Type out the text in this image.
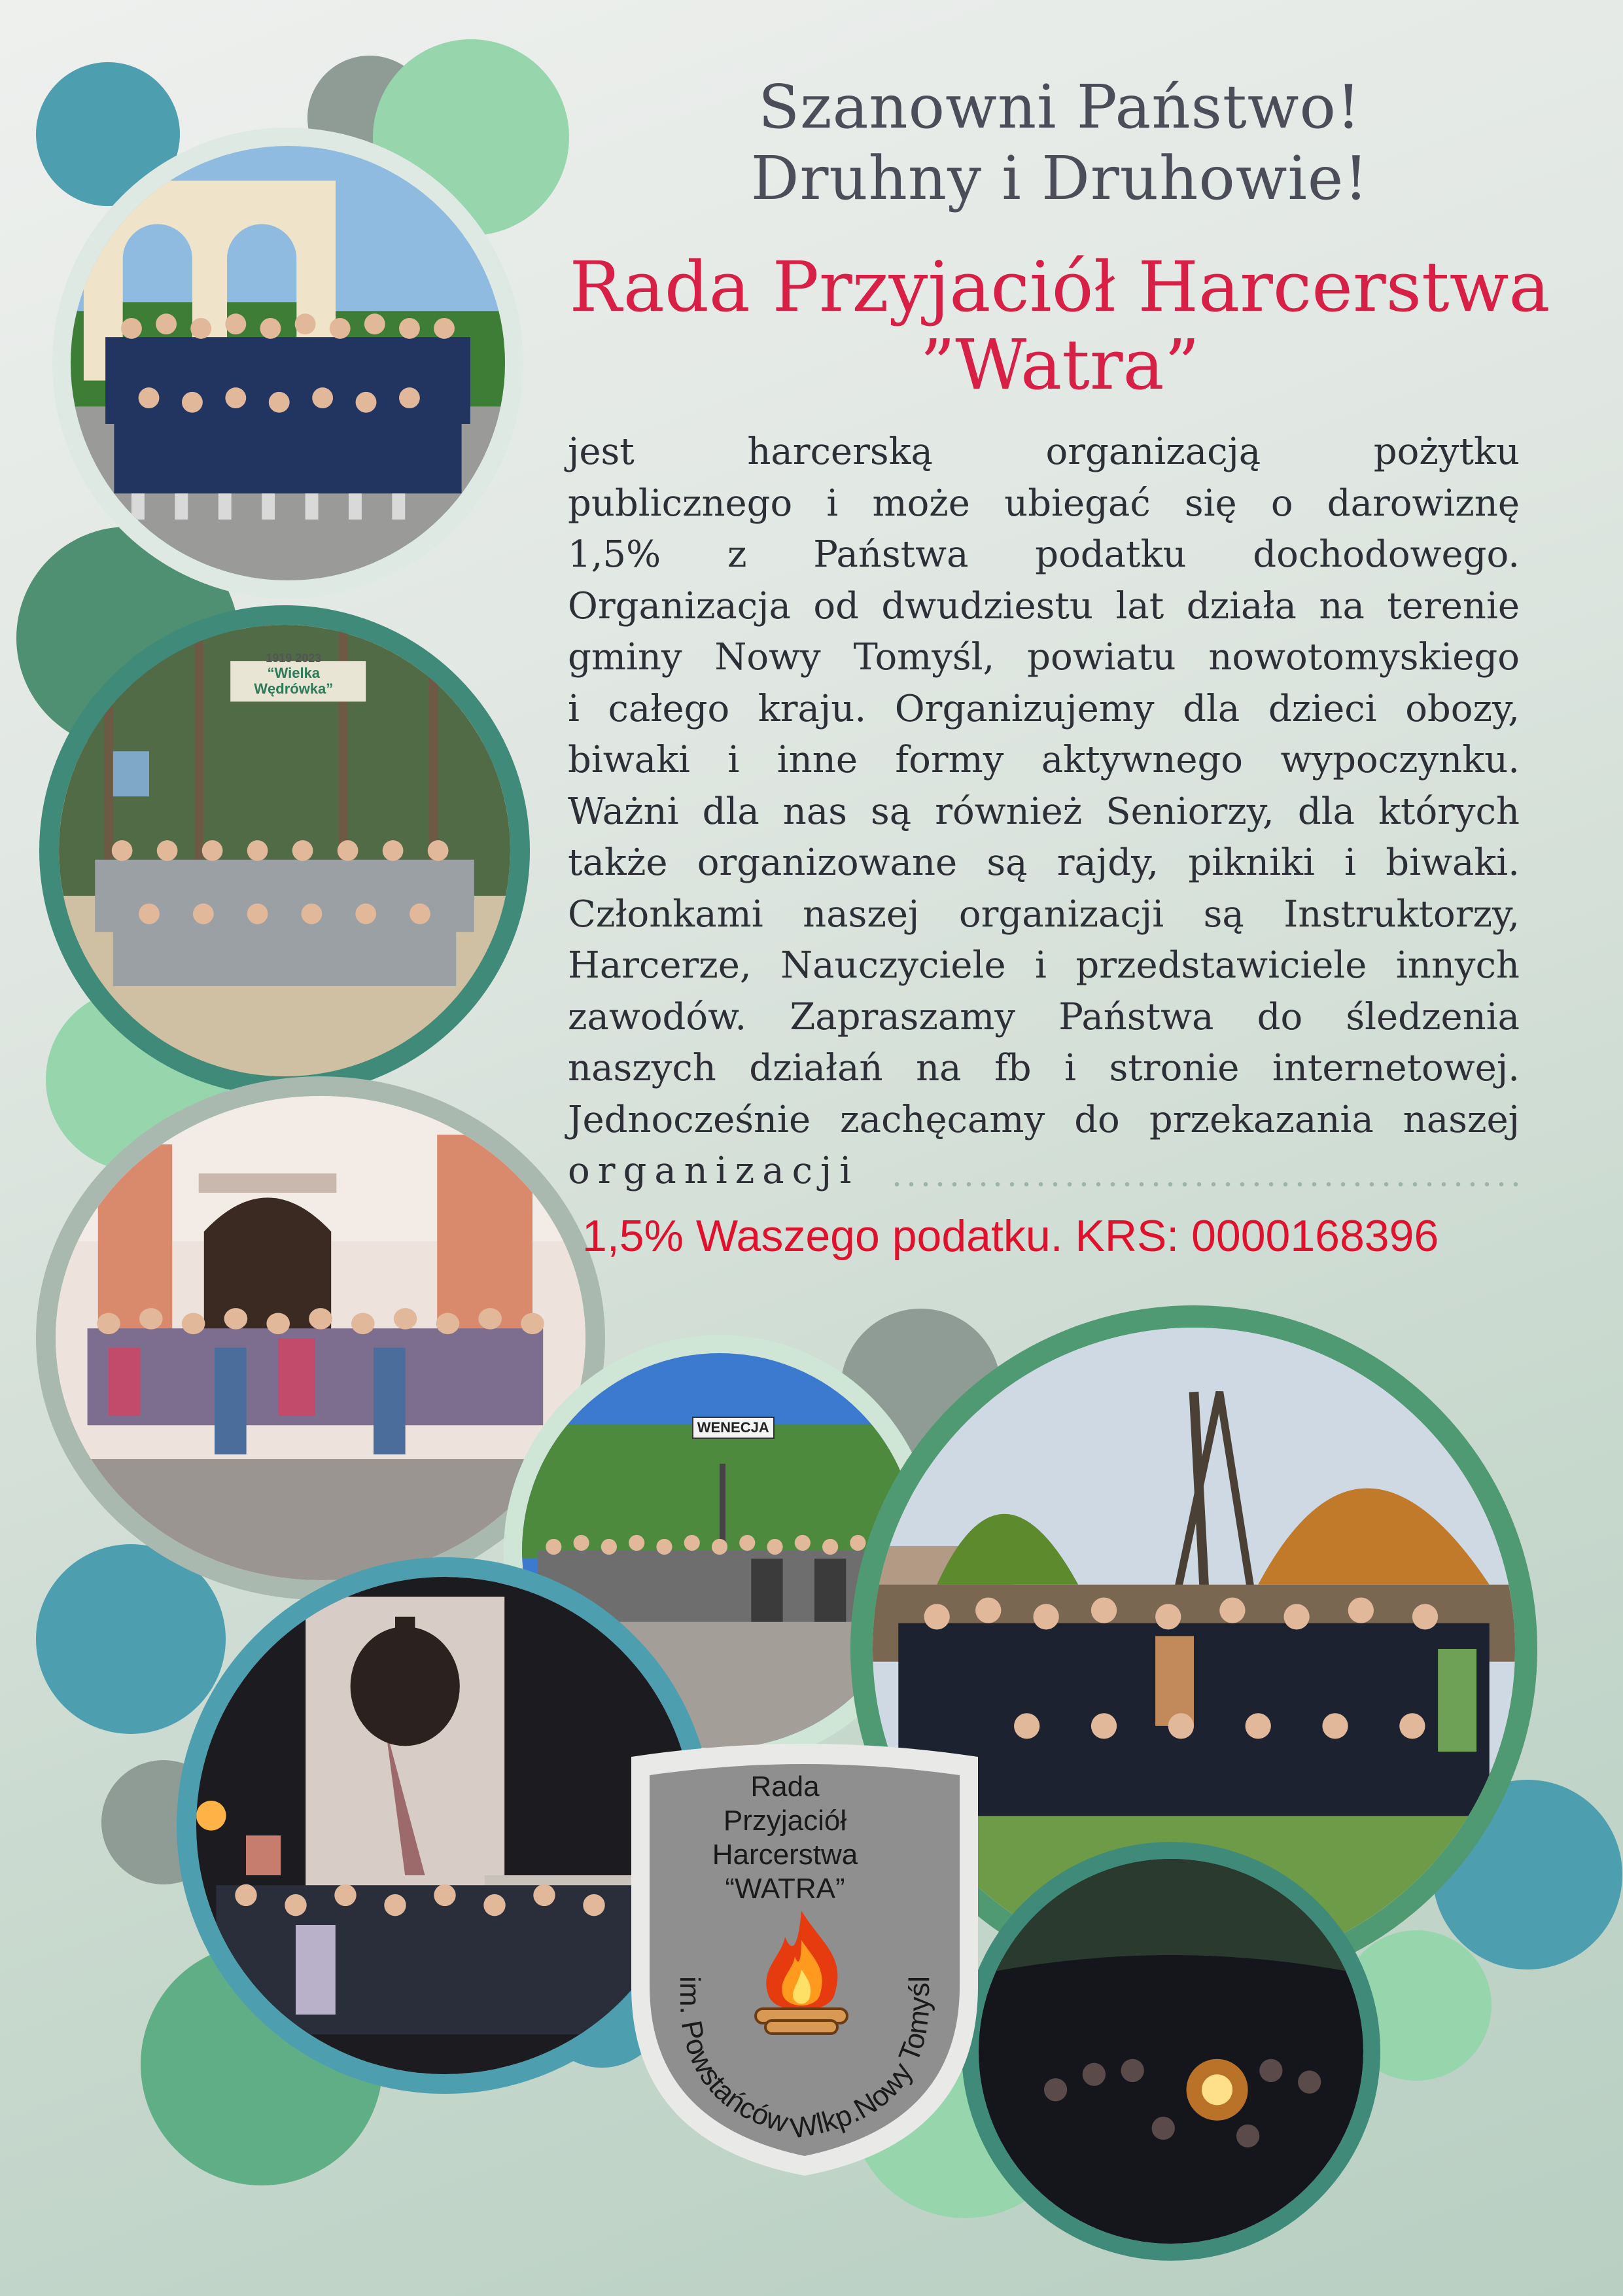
1919 2023
“Wielka
Wędrówka”
WENECJA
im. Powstańców Wlkp.Nowy Tomyśl
Rada
Przyjaciół
Harcerstwa
“WATRA”
Szanowni Państwo!
Druhny i Druhowie!
Rada Przyjaciół Harcerstwa
”Watra”
jest harcerską organizacją pożytku
publicznego i może ubiegać się o darowiznę
1,5% z Państwa podatku dochodowego.
Organizacja od dwudziestu lat działa na terenie
gminy Nowy Tomyśl, powiatu nowotomyskiego
i całego kraju. Organizujemy dla dzieci obozy,
biwaki i inne formy aktywnego wypoczynku.
Ważni dla nas są również Seniorzy, dla których
także organizowane są rajdy, pikniki i biwaki.
Członkami naszej organizacji są Instruktorzy,
Harcerze, Nauczyciele i przedstawiciele innych
zawodów. Zapraszamy Państwa do śledzenia
naszych działań na fb i stronie internetowej.
Jednocześnie zachęcamy do przekazania naszej
organizacji
1,5% Waszego podatku. KRS: 0000168396
